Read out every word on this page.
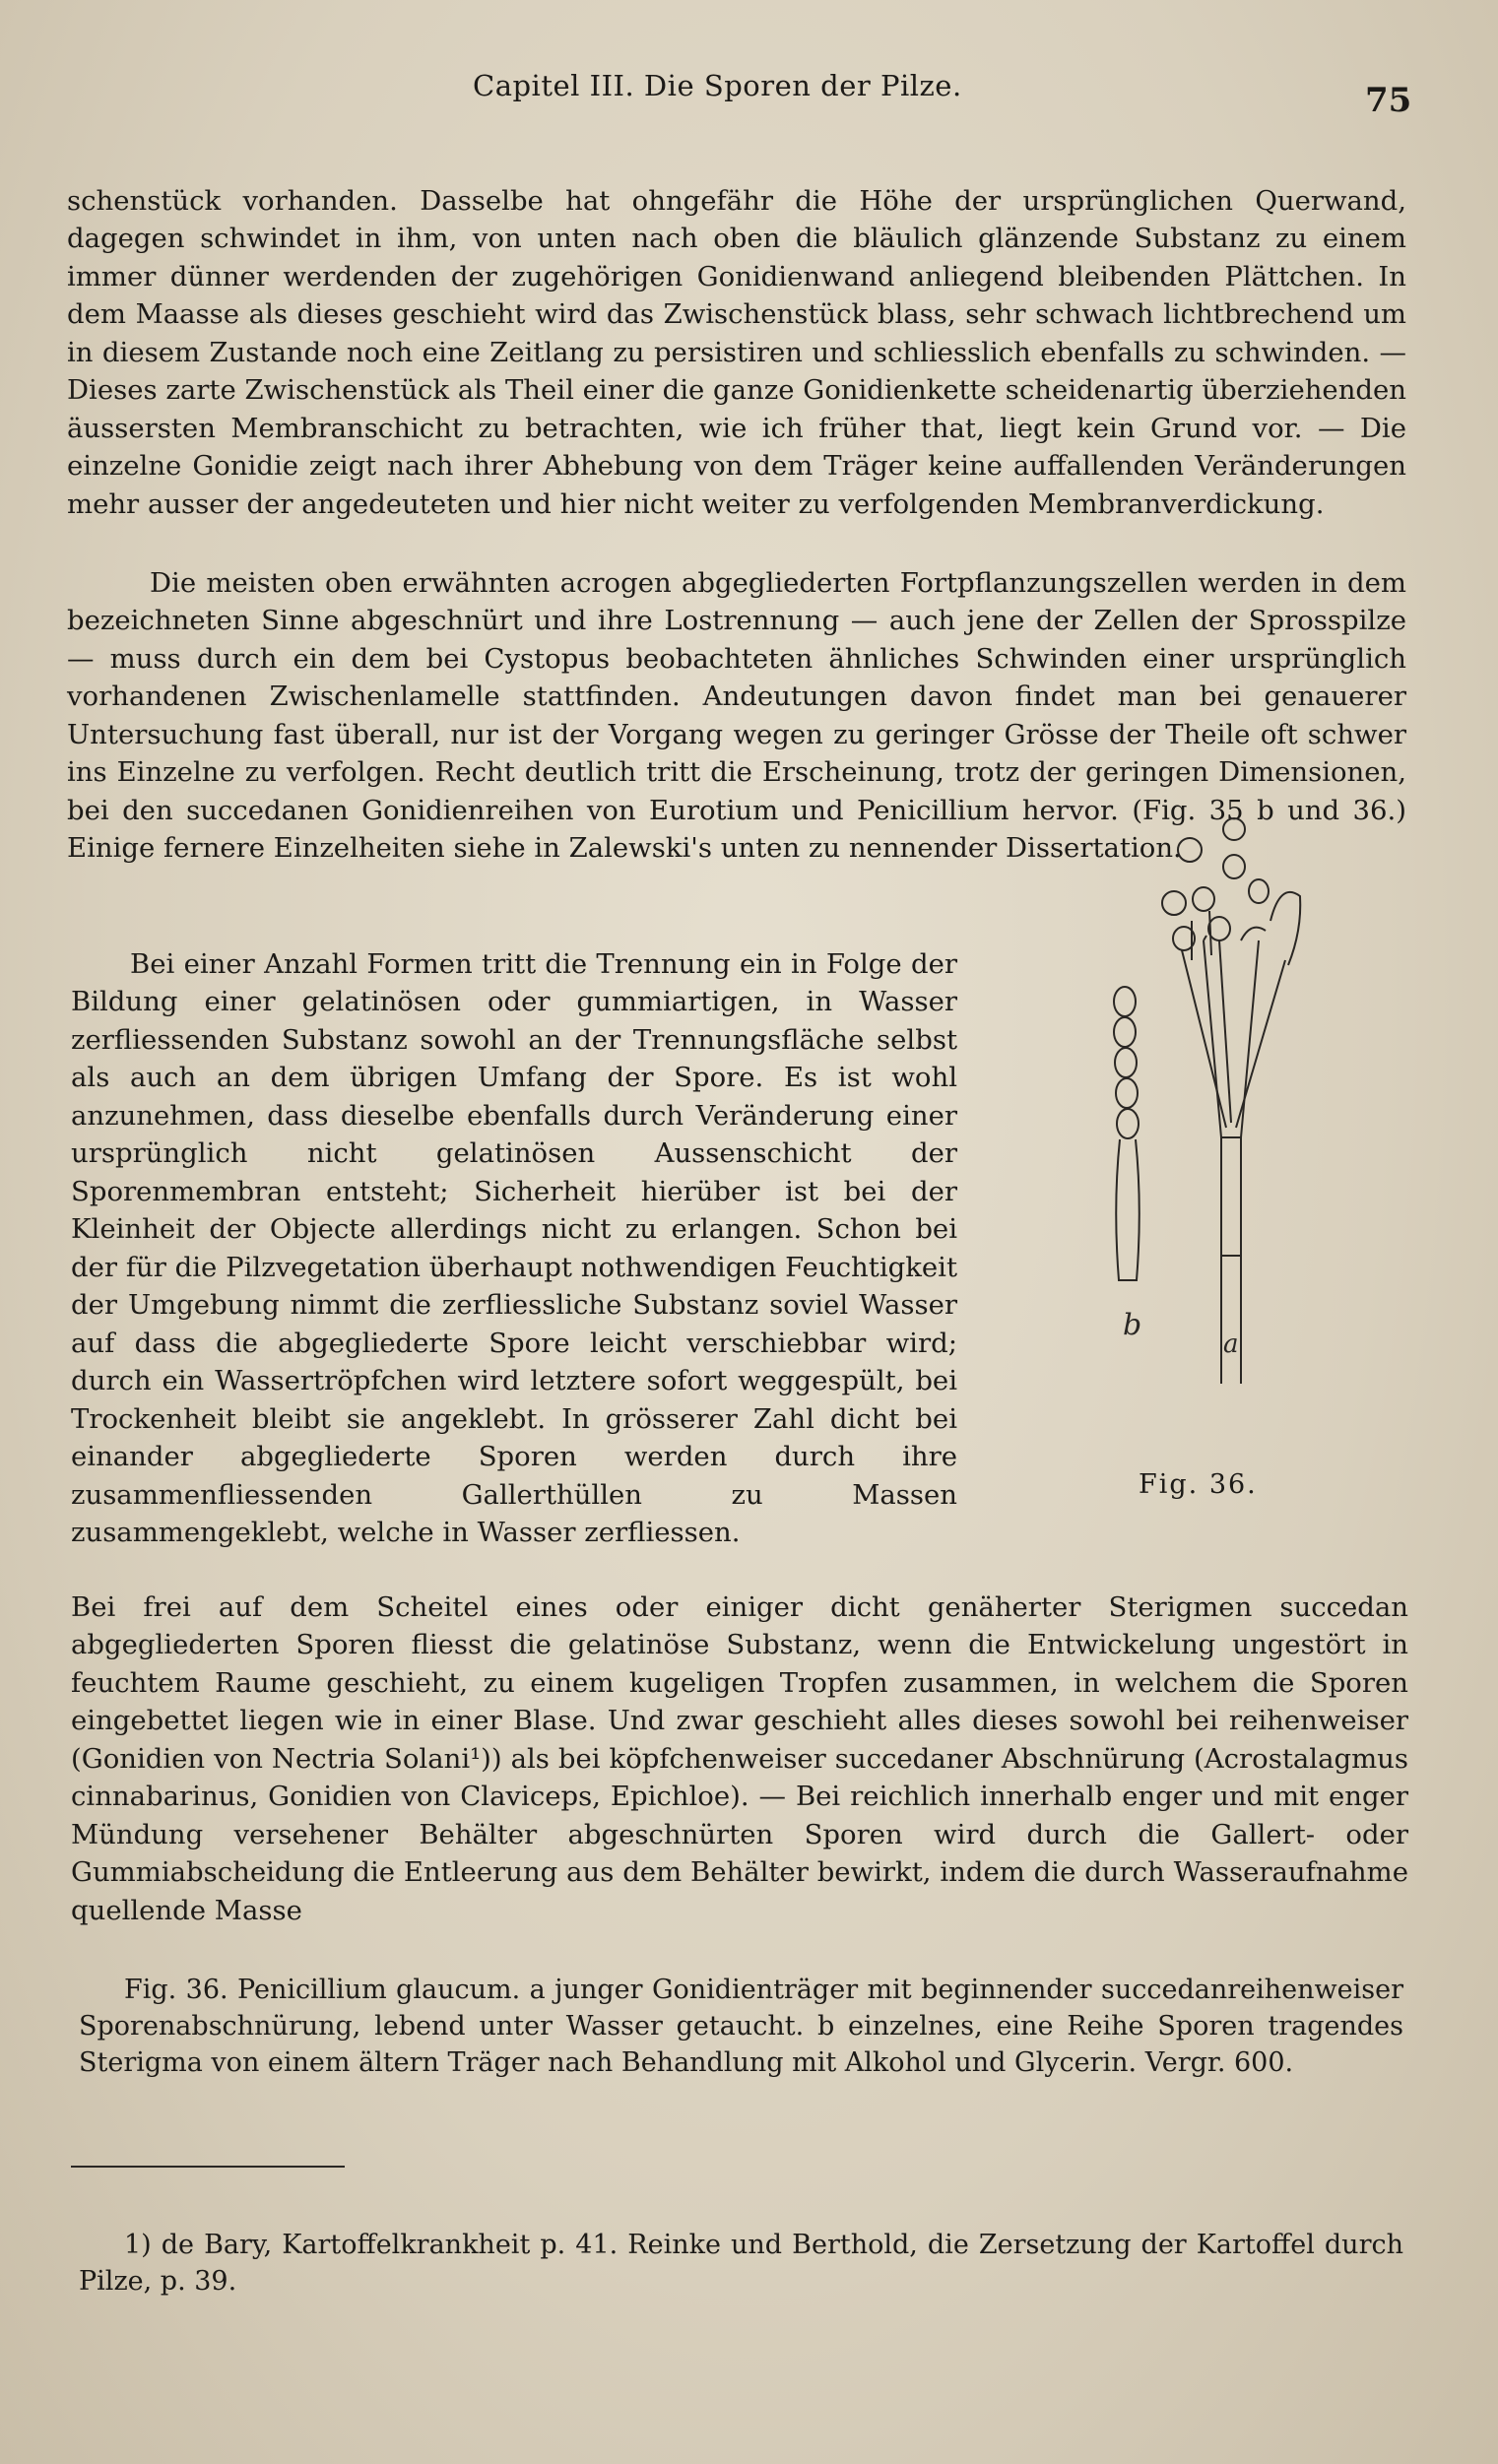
Capitel III. Die Sporen der Pilze.	75

schenstück vorhanden. Dasselbe hat ohngefähr die Höhe der ursprünglichen Querwand, dagegen schwindet in ihm, von unten nach oben die bläulich glänzende Substanz zu einem immer dünner werdenden der zugehörigen Gonidienwand anliegend bleibenden Plättchen. In dem Maasse als dieses geschieht wird das Zwischenstück blass, sehr schwach lichtbrechend um in diesem Zustande noch eine Zeitlang zu persistiren und schliesslich ebenfalls zu schwinden. — Dieses zarte Zwischenstück als Theil einer die ganze Gonidienkette scheidenartig überziehenden äussersten Membranschicht zu betrachten, wie ich früher that, liegt kein Grund vor. — Die einzelne Gonidie zeigt nach ihrer Abhebung von dem Träger keine auffallenden Veränderungen mehr ausser der angedeuteten und hier nicht weiter zu verfolgenden Membranverdickung.

Die meisten oben erwähnten acrogen abgegliederten Fortpflanzungszellen werden in dem bezeichneten Sinne abgeschnürt und ihre Lostrennung — auch jene der Zellen der Sprosspilze — muss durch ein dem bei Cystopus beobachteten ähnliches Schwinden einer ursprünglich vorhandenen Zwischenlamelle stattfinden. Andeutungen davon findet man bei genauerer Untersuchung fast überall, nur ist der Vorgang wegen zu geringer Grösse der Theile oft schwer ins Einzelne zu verfolgen. Recht deutlich tritt die Erscheinung, trotz der geringen Dimensionen, bei den succedanen Gonidienreihen von Eurotium und Penicillium hervor. (Fig. 35 b und 36.) Einige fernere Einzelheiten siehe in Zalewski's unten zu nennender Dissertation.

Bei einer Anzahl Formen tritt die Trennung ein in Folge der Bildung einer gelatinösen oder gummiartigen, in Wasser zerfliessenden Substanz sowohl an der Trennungsfläche selbst als auch an dem übrigen Umfang der Spore. Es ist wohl anzunehmen, dass dieselbe ebenfalls durch Veränderung einer ursprünglich nicht gelatinösen Aussenschicht der Sporenmembran entsteht; Sicherheit hierüber ist bei der Kleinheit der Objecte allerdings nicht zu erlangen. Schon bei der für die Pilzvegetation überhaupt nothwendigen Feuchtigkeit der Umgebung nimmt die zerfliessliche Substanz soviel Wasser auf dass die abgegliederte Spore leicht verschiebbar wird; durch ein Wassertröpfchen wird letztere sofort weggespült, bei Trockenheit bleibt sie angeklebt. In grösserer Zahl dicht bei einander abgegliederte Sporen werden durch ihre zusammenfliessenden Gallerthüllen zu Massen zusammengeklebt, welche in Wasser zerfliessen.

Bei frei auf dem Scheitel eines oder einiger dicht genäherter Sterigmen succedan abgegliederten Sporen fliesst die gelatinöse Substanz, wenn die Entwickelung ungestört in feuchtem Raume geschieht, zu einem kugeligen Tropfen zusammen, in welchem die Sporen eingebettet liegen wie in einer Blase. Und zwar geschieht alles dieses sowohl bei reihenweiser (Gonidien von Nectria Solani¹)) als bei köpfchenweiser succedaner Abschnürung (Acrostalagmus cinnabarinus, Gonidien von Claviceps, Epichloe). — Bei reichlich innerhalb enger und mit enger Mündung versehener Behälter abgeschnürten Sporen wird durch die Gallert- oder Gummiabscheidung die Entleerung aus dem Behälter bewirkt, indem die durch Wasseraufnahme quellende Masse

b
a
Fig. 36.

Fig. 36. Penicillium glaucum. a junger Gonidienträger mit beginnender succedanreihenweiser Sporenabschnürung, lebend unter Wasser getaucht. b einzelnes, eine Reihe Sporen tragendes Sterigma von einem ältern Träger nach Behandlung mit Alkohol und Glycerin. Vergr. 600.

1) de Bary, Kartoffelkrankheit p. 41. Reinke und Berthold, die Zersetzung der Kartoffel durch Pilze, p. 39.
